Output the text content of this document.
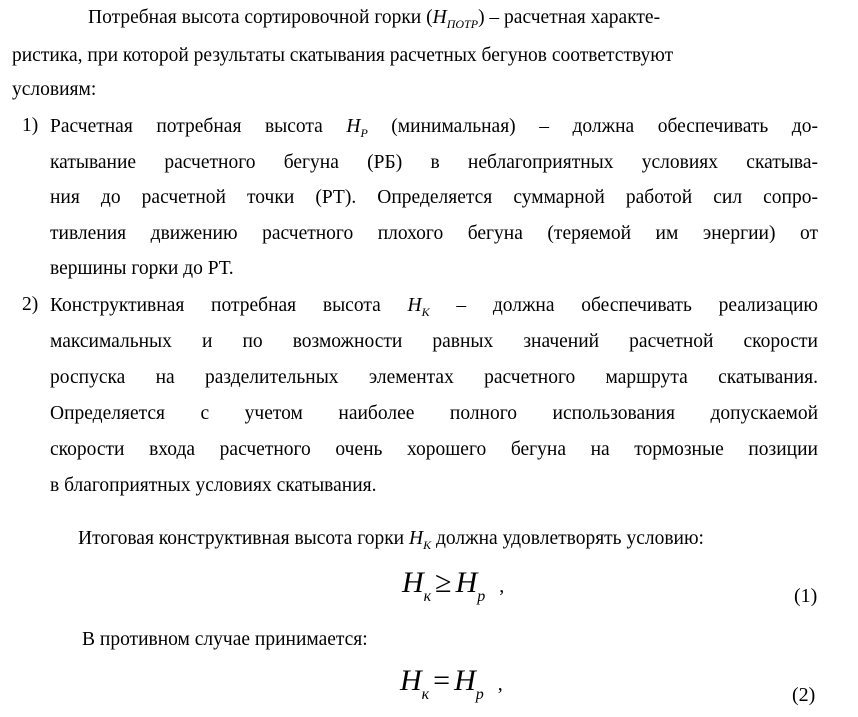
Потребная высота сортировочной горки $(H_{ПОТР})$ – расчетная характе-
ристика, при которой результаты скатывания расчетных бегунов соответствуют
условиям:
1) Расчетная потребная высота $H_P$ (минимальная) – должна обеспечивать до-
катывание расчетного бегуна (РБ) в неблагоприятных условиях скатыва-
ния до расчетной точки (РТ). Определяется суммарной работой сил сопро-
тивления движению расчетного плохого бегуна (теряемой им энергии) от
вершины горки до РТ.
2) Конструктивная потребная высота $H_K$ – должна обеспечивать реализацию
максимальных и по возможности равных значений расчетной скорости
роспуска на разделительных элементах расчетного маршрута скатывания.
Определяется с учетом наиболее полного использования допускаемой
скорости входа расчетного очень хорошего бегуна на тормозные позиции
в благоприятных условиях скатывания.
Итоговая конструктивная высота горки $H_K$ должна удовлетворять условию:
$H_к \ge H_p$ ,	(1)
В противном случае принимается:
$H_к = H_p$ ,	(2)
